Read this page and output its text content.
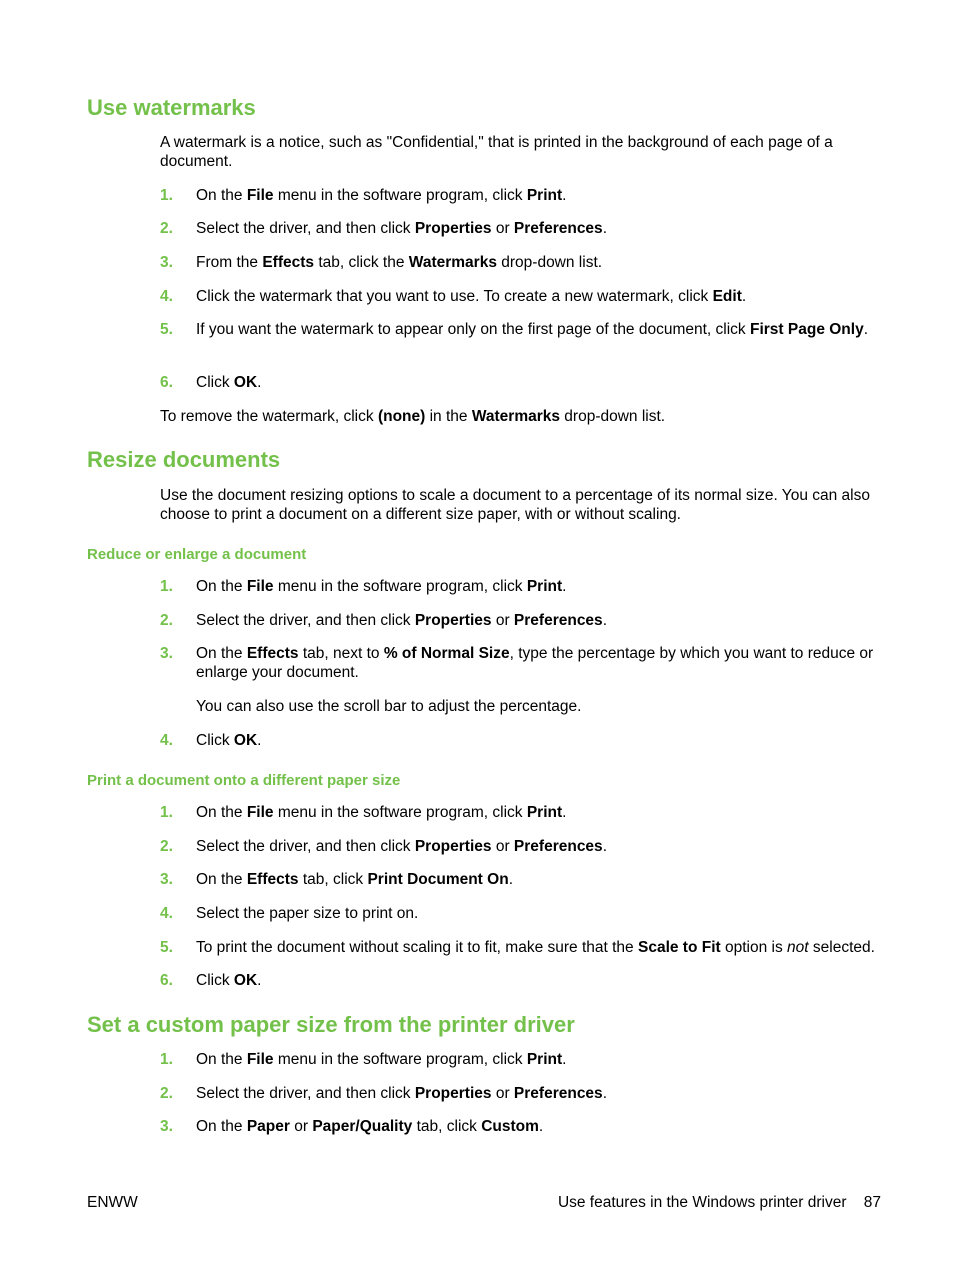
Use watermarks

A watermark is a notice, such as "Confidential," that is printed in the background of each page of a document.

1. On the File menu in the software program, click Print.
2. Select the driver, and then click Properties or Preferences.
3. From the Effects tab, click the Watermarks drop-down list.
4. Click the watermark that you want to use. To create a new watermark, click Edit.
5. If you want the watermark to appear only on the first page of the document, click First Page Only.
6. Click OK.

To remove the watermark, click (none) in the Watermarks drop-down list.

Resize documents

Use the document resizing options to scale a document to a percentage of its normal size. You can also choose to print a document on a different size paper, with or without scaling.

Reduce or enlarge a document
1. On the File menu in the software program, click Print.
2. Select the driver, and then click Properties or Preferences.
3. On the Effects tab, next to % of Normal Size, type the percentage by which you want to reduce or enlarge your document.

You can also use the scroll bar to adjust the percentage.

4. Click OK.
Print a document onto a different paper size
1. On the File menu in the software program, click Print.
2. Select the driver, and then click Properties or Preferences.
3. On the Effects tab, click Print Document On.
4. Select the paper size to print on.
5. To print the document without scaling it to fit, make sure that the Scale to Fit option is not selected.
6. Click OK.
Set a custom paper size from the printer driver
1. On the File menu in the software program, click Print.
2. Select the driver, and then click Properties or Preferences.
3. On the Paper or Paper/Quality tab, click Custom.
ENWW	Use features in the Windows printer driver    87
